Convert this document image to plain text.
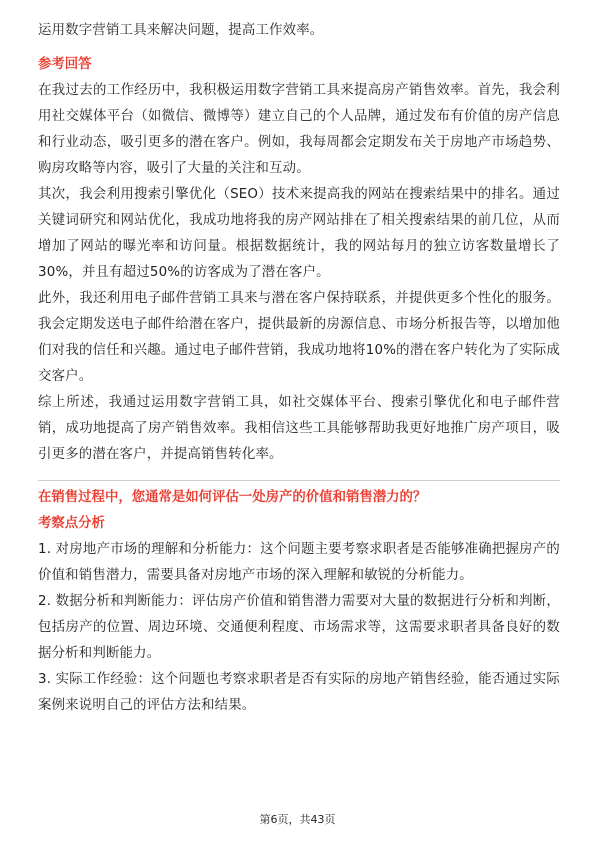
运用数字营销工具来解决问题，提高工作效率。

参考回答

在我过去的工作经历中，我积极运用数字营销工具来提高房产销售效率。首先，我会利用社交媒体平台（如微信、微博等）建立自己的个人品牌，通过发布有价值的房产信息和行业动态，吸引更多的潜在客户。例如，我每周都会定期发布关于房地产市场趋势、购房攻略等内容，吸引了大量的关注和互动。

其次，我会利用搜索引擎优化（SEO）技术来提高我的网站在搜索结果中的排名。通过关键词研究和网站优化，我成功地将我的房产网站排在了相关搜索结果的前几位，从而增加了网站的曝光率和访问量。根据数据统计，我的网站每月的独立访客数量增长了30%，并且有超过50%的访客成为了潜在客户。

此外，我还利用电子邮件营销工具来与潜在客户保持联系，并提供更多个性化的服务。我会定期发送电子邮件给潜在客户，提供最新的房源信息、市场分析报告等，以增加他们对我的信任和兴趣。通过电子邮件营销，我成功地将10%的潜在客户转化为了实际成交客户。

综上所述，我通过运用数字营销工具，如社交媒体平台、搜索引擎优化和电子邮件营销，成功地提高了房产销售效率。我相信这些工具能够帮助我更好地推广房产项目，吸引更多的潜在客户，并提高销售转化率。

在销售过程中，您通常是如何评估一处房产的价值和销售潜力的？
考察点分析

1. 对房地产市场的理解和分析能力：这个问题主要考察求职者是否能够准确把握房产的价值和销售潜力，需要具备对房地产市场的深入理解和敏锐的分析能力。

2. 数据分析和判断能力：评估房产价值和销售潜力需要对大量的数据进行分析和判断，包括房产的位置、周边环境、交通便利程度、市场需求等，这需要求职者具备良好的数据分析和判断能力。

3. 实际工作经验：这个问题也考察求职者是否有实际的房地产销售经验，能否通过实际案例来说明自己的评估方法和结果。

第6页，共43页
